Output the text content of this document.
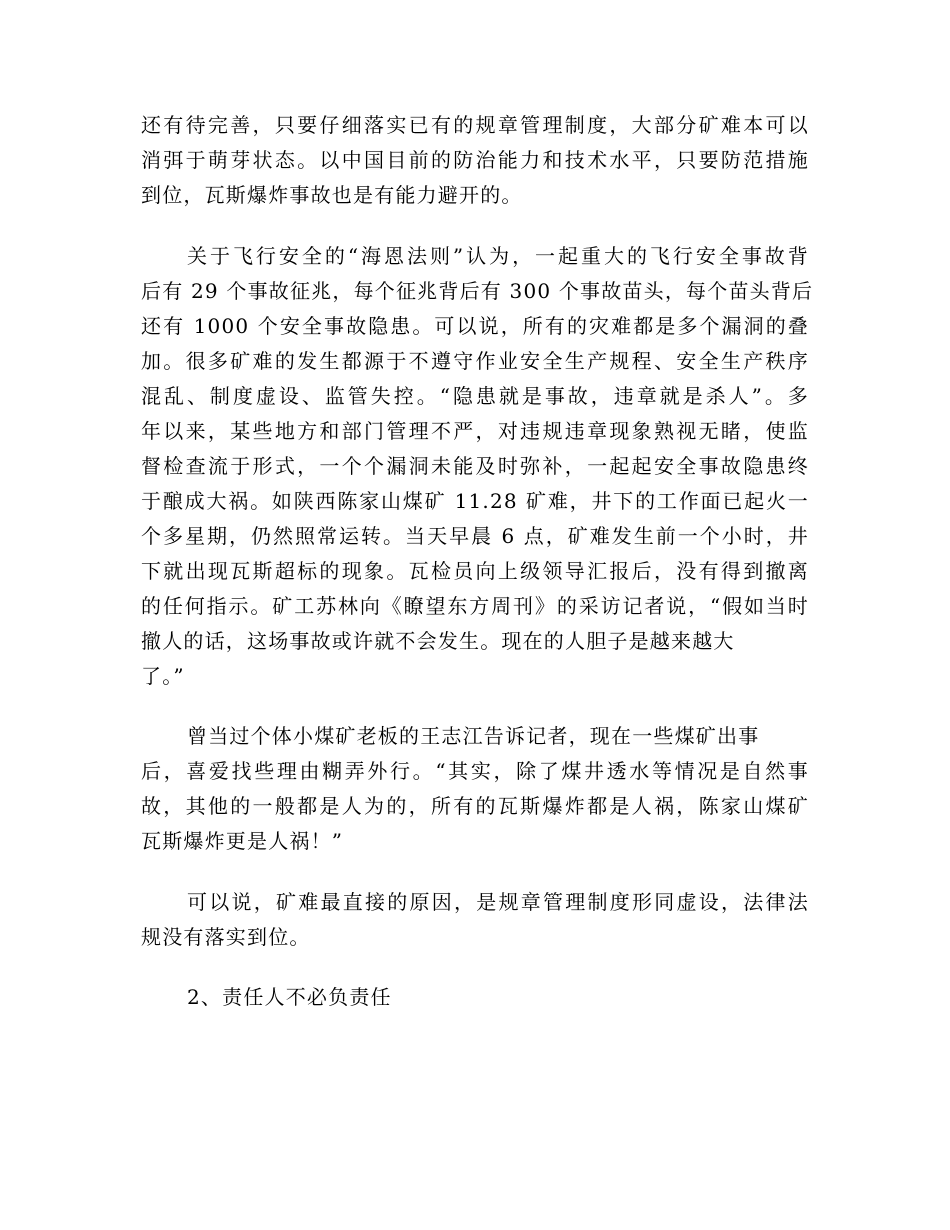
还有待完善，只要仔细落实已有的规章管理制度，大部分矿难本可以
消弭于萌芽状态。以中国目前的防治能力和技术水平，只要防范措施
到位，瓦斯爆炸事故也是有能力避开的。
关于飞行安全的“海恩法则”认为，一起重大的飞行安全事故背
后有 29 个事故征兆，每个征兆背后有 300 个事故苗头，每个苗头背后
还有 1000 个安全事故隐患。可以说，所有的灾难都是多个漏洞的叠
加。很多矿难的发生都源于不遵守作业安全生产规程、安全生产秩序
混乱、制度虚设、监管失控。“隐患就是事故，违章就是杀人”。多
年以来，某些地方和部门管理不严，对违规违章现象熟视无睹，使监
督检查流于形式，一个个漏洞未能及时弥补，一起起安全事故隐患终
于酿成大祸。如陕西陈家山煤矿 11.28 矿难，井下的工作面已起火一
个多星期，仍然照常运转。当天早晨 6 点，矿难发生前一个小时，井
下就出现瓦斯超标的现象。瓦检员向上级领导汇报后，没有得到撤离
的任何指示。矿工苏林向《瞭望东方周刊》的采访记者说，“假如当时
撤人的话，这场事故或许就不会发生。现在的人胆子是越来越大
了。”
曾当过个体小煤矿老板的王志江告诉记者，现在一些煤矿出事
后，喜爱找些理由糊弄外行。“其实，除了煤井透水等情况是自然事
故，其他的一般都是人为的，所有的瓦斯爆炸都是人祸，陈家山煤矿
瓦斯爆炸更是人祸！”
可以说，矿难最直接的原因，是规章管理制度形同虚设，法律法
规没有落实到位。
2、责任人不必负责任
